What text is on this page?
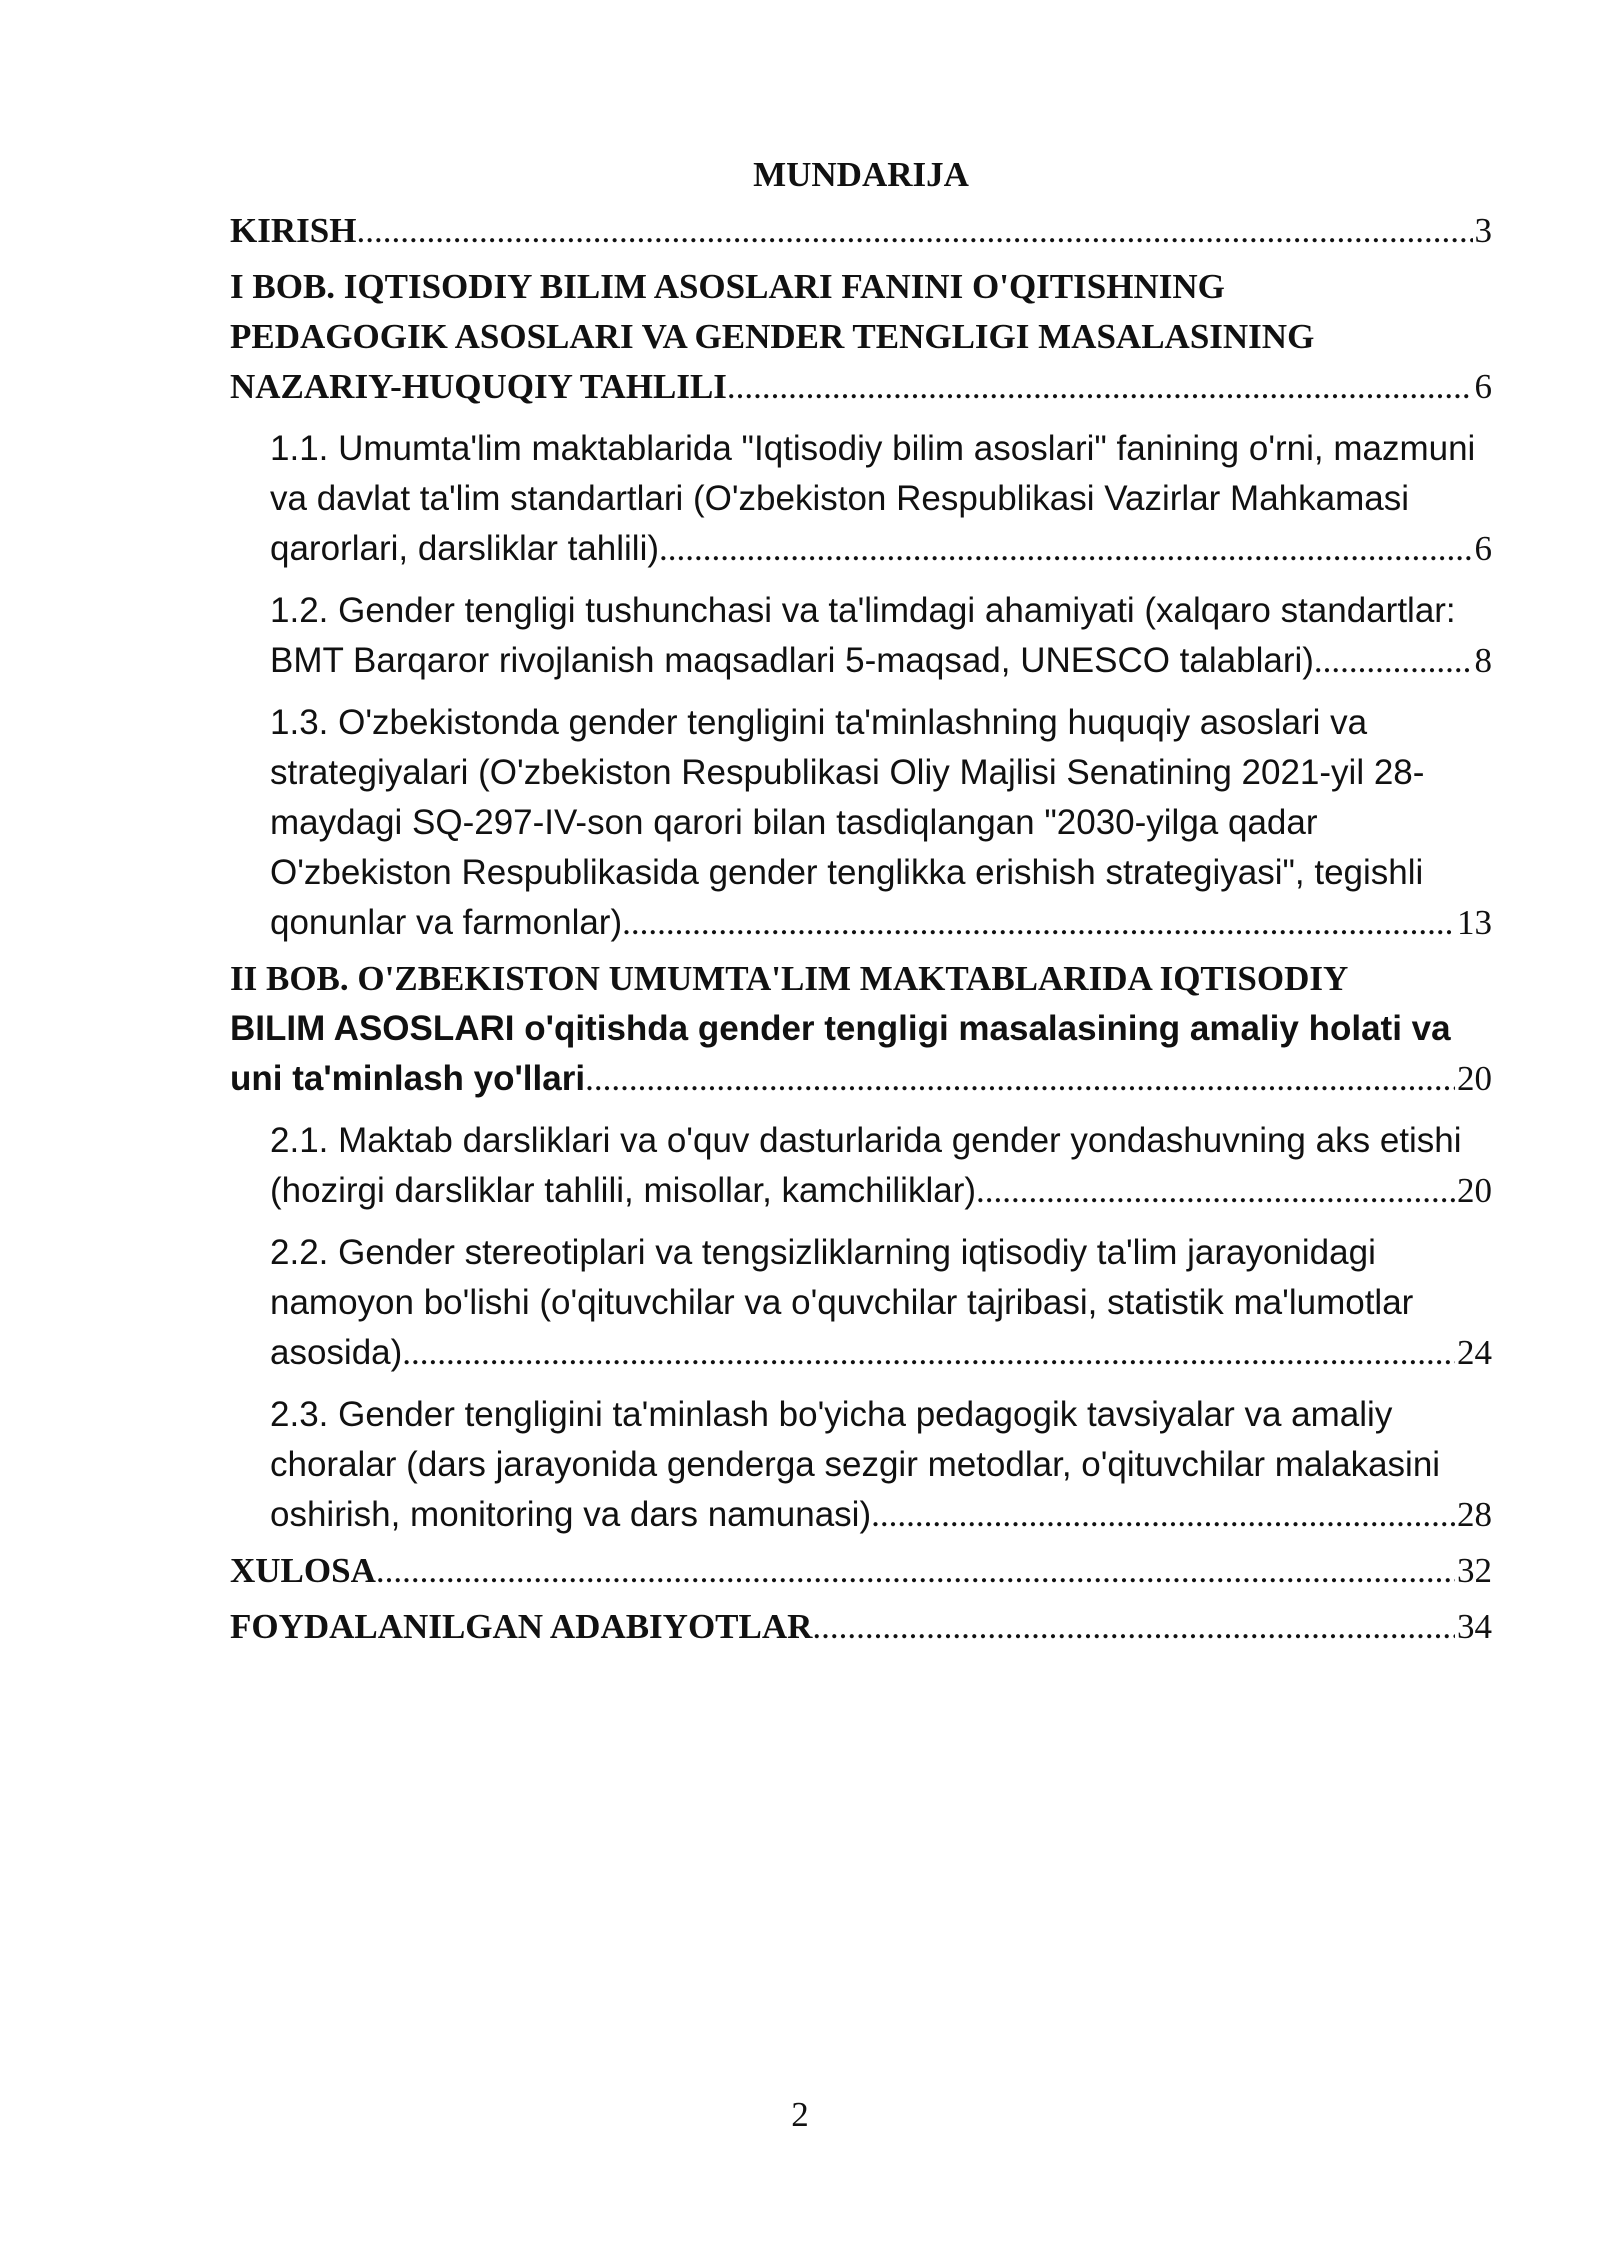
MUNDARIJA
KIRISH .....	3
I BOB. IQTISODIY BILIM ASOSLARI FANINI O'QITISHNING
PEDAGOGIK ASOSLARI VA GENDER TENGLIGI MASALASINING
NAZARIY-HUQUQIY TAHLILI .....	6
1.1. Umumta'lim maktablarida "Iqtisodiy bilim asoslari" fanining o'rni, mazmuni
va davlat ta'lim standartlari (O'zbekiston Respublikasi Vazirlar Mahkamasi
qarorlari, darsliklar tahlili) .....	6
1.2. Gender tengligi tushunchasi va ta'limdagi ahamiyati (xalqaro standartlar:
BMT Barqaror rivojlanish maqsadlari 5-maqsad, UNESCO talablari) .....	8
1.3. O'zbekistonda gender tengligini ta'minlashning huquqiy asoslari va
strategiyalari (O'zbekiston Respublikasi Oliy Majlisi Senatining 2021-yil 28-
maydagi SQ-297-IV-son qarori bilan tasdiqlangan "2030-yilga qadar
O'zbekiston Respublikasida gender tenglikka erishish strategiyasi", tegishli
qonunlar va farmonlar) .....	13
II BOB. O'ZBEKISTON UMUMTA'LIM MAKTABLARIDA IQTISODIY
BILIM ASOSLARI o'qitishda gender tengligi masalasining amaliy holati va
uni ta'minlash yo'llari .....	20
2.1. Maktab darsliklari va o'quv dasturlarida gender yondashuvning aks etishi
(hozirgi darsliklar tahlili, misollar, kamchiliklar) .....	20
2.2. Gender stereotiplari va tengsizliklarning iqtisodiy ta'lim jarayonidagi
namoyon bo'lishi (o'qituvchilar va o'quvchilar tajribasi, statistik ma'lumotlar
asosida) .....	24
2.3. Gender tengligini ta'minlash bo'yicha pedagogik tavsiyalar va amaliy
choralar (dars jarayonida genderga sezgir metodlar, o'qituvchilar malakasini
oshirish, monitoring va dars namunasi) .....	28
XULOSA .....	32
FOYDALANILGAN ADABIYOTLAR .....	34
2
